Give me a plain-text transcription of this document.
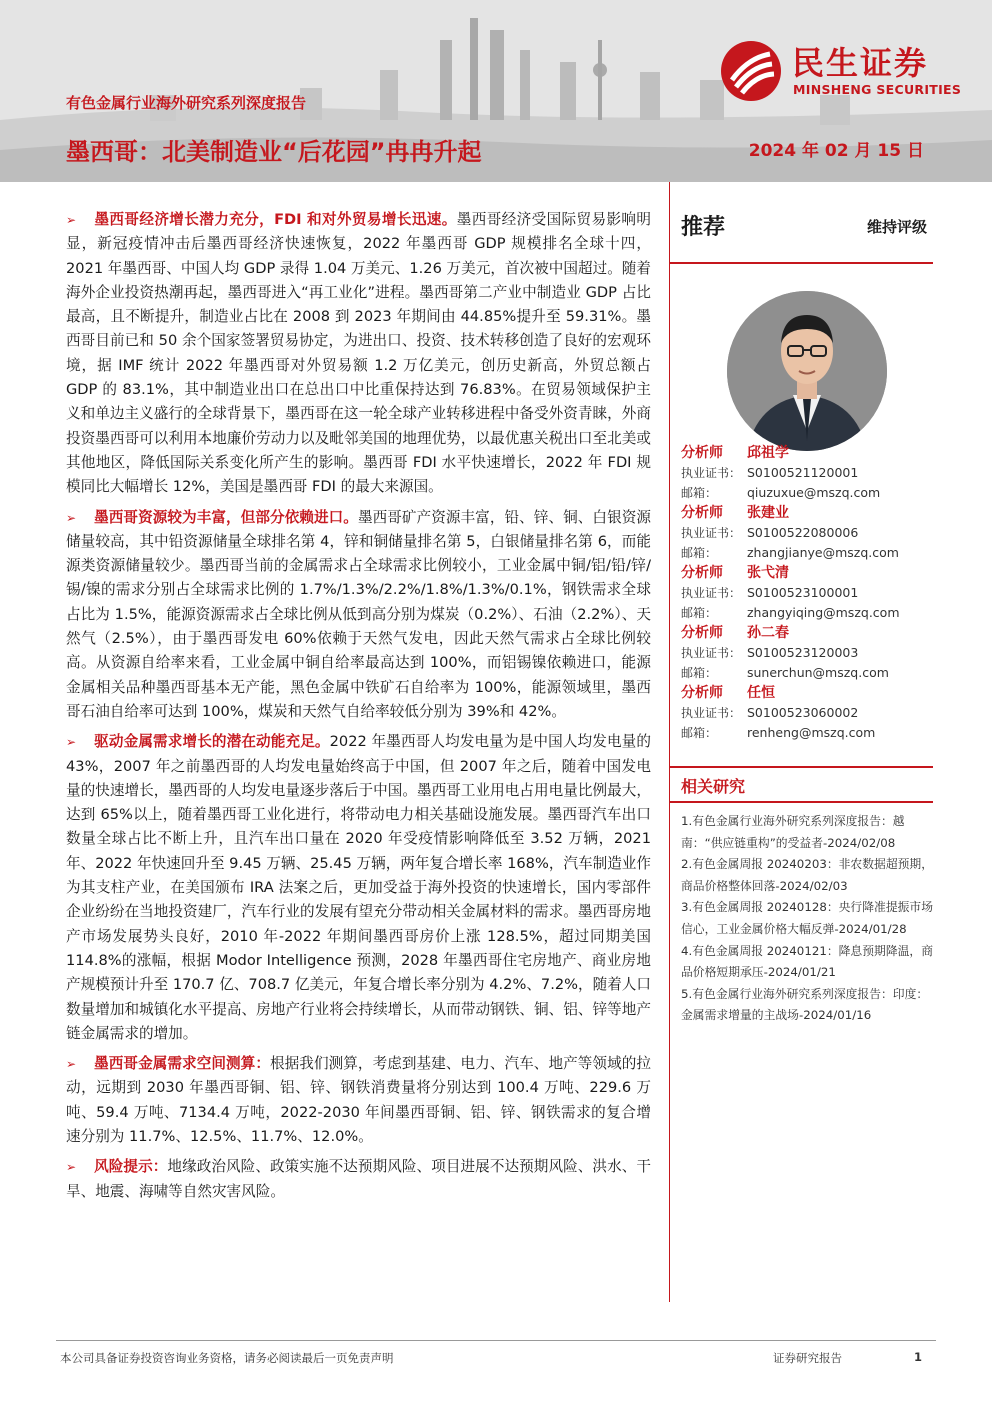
民生证券
MINSHENG SECURITIES
有色金属行业海外研究系列深度报告
墨西哥：北美制造业“后花园”冉冉升起	2024 年 02 月 15 日

➢ 墨西哥经济增长潜力充分，FDI 和对外贸易增长迅速。墨西哥经济受国际贸易影响明显，新冠疫情冲击后墨西哥经济快速恢复，2022 年墨西哥 GDP 规模排名全球十四，2021 年墨西哥、中国人均 GDP 录得 1.04 万美元、1.26 万美元，首次被中国超过。随着海外企业投资热潮再起，墨西哥进入“再工业化”进程。墨西哥第二产业中制造业 GDP 占比最高，且不断提升，制造业占比在 2008 到 2023 年期间由 44.85%提升至 59.31%。墨西哥目前已和 50 余个国家签署贸易协定，为进出口、投资、技术转移创造了良好的宏观环境，据 IMF 统计 2022 年墨西哥对外贸易额 1.2 万亿美元，创历史新高，外贸总额占 GDP 的 83.1%，其中制造业出口在总出口中比重保持达到 76.83%。在贸易领域保护主义和单边主义盛行的全球背景下，墨西哥在这一轮全球产业转移进程中备受外资青睐，外商投资墨西哥可以利用本地廉价劳动力以及毗邻美国的地理优势，以最优惠关税出口至北美或其他地区，降低国际关系变化所产生的影响。墨西哥 FDI 水平快速增长，2022 年 FDI 规模同比大幅增长 12%，美国是墨西哥 FDI 的最大来源国。

➢ 墨西哥资源较为丰富，但部分依赖进口。墨西哥矿产资源丰富，铅、锌、铜、白银资源储量较高，其中铅资源储量全球排名第 4，锌和铜储量排名第 5，白银储量排名第 6，而能源类资源储量较少。墨西哥当前的金属需求占全球需求比例较小，工业金属中铜/铝/铅/锌/锡/镍的需求分别占全球需求比例的 1.7%/1.3%/2.2%/1.8%/1.3%/0.1%，钢铁需求全球占比为 1.5%，能源资源需求占全球比例从低到高分别为煤炭（0.2%）、石油（2.2%）、天然气（2.5%），由于墨西哥发电 60%依赖于天然气发电，因此天然气需求占全球比例较高。从资源自给率来看，工业金属中铜自给率最高达到 100%，而铝锡镍依赖进口，能源金属相关品种墨西哥基本无产能，黑色金属中铁矿石自给率为 100%，能源领域里，墨西哥石油自给率可达到 100%，煤炭和天然气自给率较低分别为 39%和 42%。

➢ 驱动金属需求增长的潜在动能充足。2022 年墨西哥人均发电量为是中国人均发电量的 43%，2007 年之前墨西哥的人均发电量始终高于中国，但 2007 年之后，随着中国发电量的快速增长，墨西哥的人均发电量逐步落后于中国。墨西哥工业用电占用电量比例最大，达到 65%以上，随着墨西哥工业化进行，将带动电力相关基础设施发展。墨西哥汽车出口数量全球占比不断上升，且汽车出口量在 2020 年受疫情影响降低至 3.52 万辆，2021 年、2022 年快速回升至 9.45 万辆、25.45 万辆，两年复合增长率 168%，汽车制造业作为其支柱产业，在美国颁布 IRA 法案之后，更加受益于海外投资的快速增长，国内零部件企业纷纷在当地投资建厂，汽车行业的发展有望充分带动相关金属材料的需求。墨西哥房地产市场发展势头良好，2010 年-2022 年期间墨西哥房价上涨 128.5%，超过同期美国 114.8%的涨幅，根据 Modor Intelligence 预测，2028 年墨西哥住宅房地产、商业房地产规模预计升至 170.7 亿、708.7 亿美元，年复合增长率分别为 4.2%、7.2%，随着人口数量增加和城镇化水平提高、房地产行业将会持续增长，从而带动钢铁、铜、铝、锌等地产链金属需求的增加。

➢ 墨西哥金属需求空间测算：根据我们测算，考虑到基建、电力、汽车、地产等领域的拉动，远期到 2030 年墨西哥铜、铝、锌、钢铁消费量将分别达到 100.4 万吨、229.6 万吨、59.4 万吨、7134.4 万吨，2022-2030 年间墨西哥铜、铝、锌、钢铁需求的复合增速分别为 11.7%、12.5%、11.7%、12.0%。

➢ 风险提示：地缘政治风险、政策实施不达预期风险、项目进展不达预期风险、洪水、干旱、地震、海啸等自然灾害风险。

推荐	维持评级
分析师 邱祖学
执业证书： S0100521120001
邮箱： qiuzuxue@mszq.com
分析师 张建业
执业证书： S0100522080006
邮箱： zhangjianye@mszq.com
分析师 张弋清
执业证书： S0100523100001
邮箱： zhangyiqing@mszq.com
分析师 孙二春
执业证书： S0100523120003
邮箱： sunerchun@mszq.com
分析师 任恒
执业证书： S0100523060002
邮箱： renheng@mszq.com
相关研究

1.有色金属行业海外研究系列深度报告：越南：“供应链重构”的受益者-2024/02/08

2.有色金属周报 20240203：非农数据超预期，商品价格整体回落-2024/02/03

3.有色金属周报 20240128：央行降准提振市场信心，工业金属价格大幅反弹-2024/01/28

4.有色金属周报 20240121：降息预期降温，商品价格短期承压-2024/01/21

5.有色金属行业海外研究系列深度报告：印度：金属需求增量的主战场-2024/01/16

本公司具备证券投资咨询业务资格，请务必阅读最后一页免责声明	证券研究报告	1
